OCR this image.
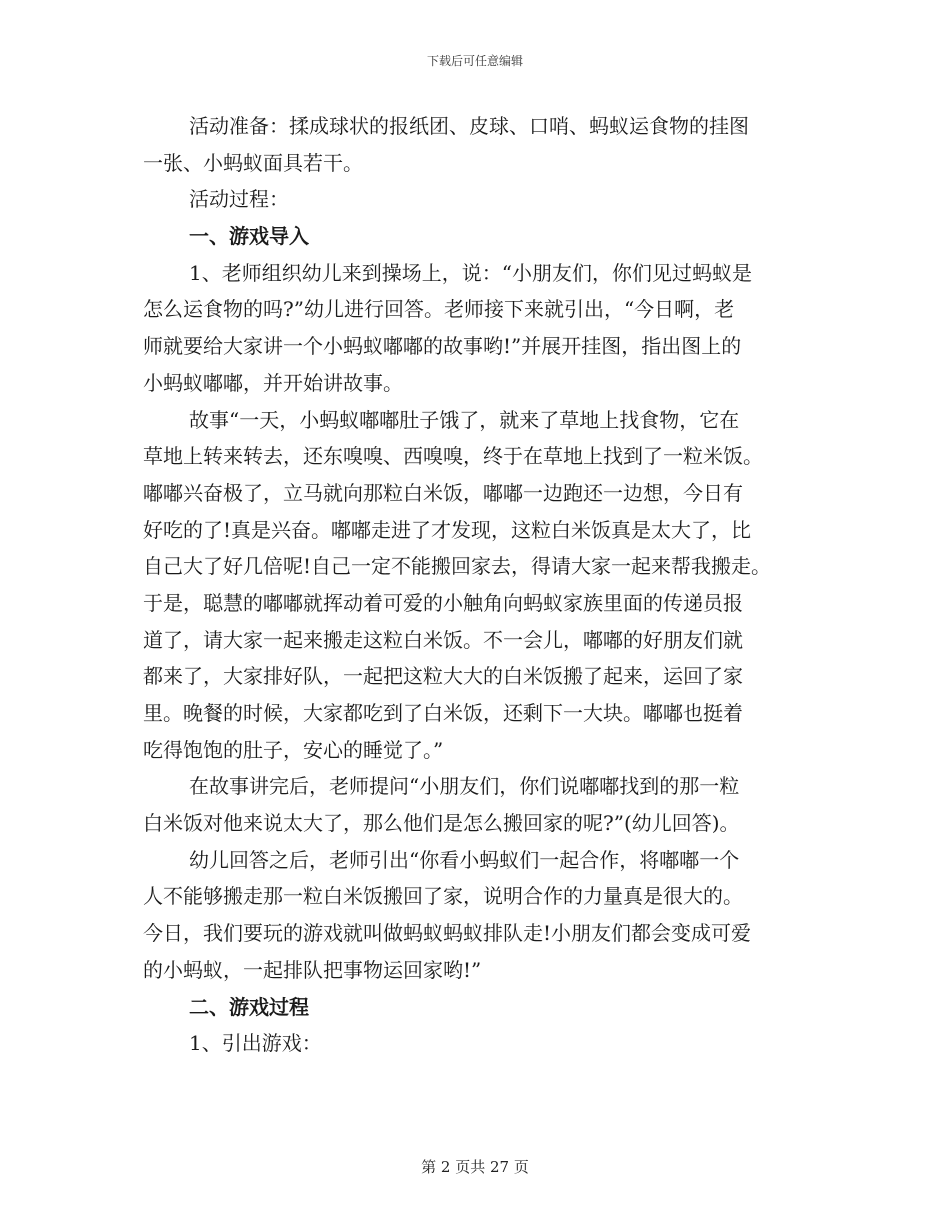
下载后可任意编辑
活动准备：揉成球状的报纸团、皮球、口哨、蚂蚁运食物的挂图
一张、小蚂蚁面具若干。
活动过程：
一、游戏导入
1、老师组织幼儿来到操场上，说：“小朋友们，你们见过蚂蚁是
怎么运食物的吗?”幼儿进行回答。老师接下来就引出，“今日啊，老
师就要给大家讲一个小蚂蚁嘟嘟的故事哟!”并展开挂图，指出图上的
小蚂蚁嘟嘟，并开始讲故事。
故事“一天，小蚂蚁嘟嘟肚子饿了，就来了草地上找食物，它在
草地上转来转去，还东嗅嗅、西嗅嗅，终于在草地上找到了一粒米饭。
嘟嘟兴奋极了，立马就向那粒白米饭，嘟嘟一边跑还一边想，今日有
好吃的了!真是兴奋。嘟嘟走进了才发现，这粒白米饭真是太大了，比
自己大了好几倍呢!自己一定不能搬回家去，得请大家一起来帮我搬走。
于是，聪慧的嘟嘟就挥动着可爱的小触角向蚂蚁家族里面的传递员报
道了，请大家一起来搬走这粒白米饭。不一会儿，嘟嘟的好朋友们就
都来了，大家排好队，一起把这粒大大的白米饭搬了起来，运回了家
里。晚餐的时候，大家都吃到了白米饭，还剩下一大块。嘟嘟也挺着
吃得饱饱的肚子，安心的睡觉了。”
在故事讲完后，老师提问“小朋友们，你们说嘟嘟找到的那一粒
白米饭对他来说太大了，那么他们是怎么搬回家的呢?”(幼儿回答)。
幼儿回答之后，老师引出“你看小蚂蚁们一起合作，将嘟嘟一个
人不能够搬走那一粒白米饭搬回了家，说明合作的力量真是很大的。
今日，我们要玩的游戏就叫做蚂蚁蚂蚁排队走!小朋友们都会变成可爱
的小蚂蚁，一起排队把事物运回家哟!”
二、游戏过程
1、引出游戏：
第 2 页共 27 页
